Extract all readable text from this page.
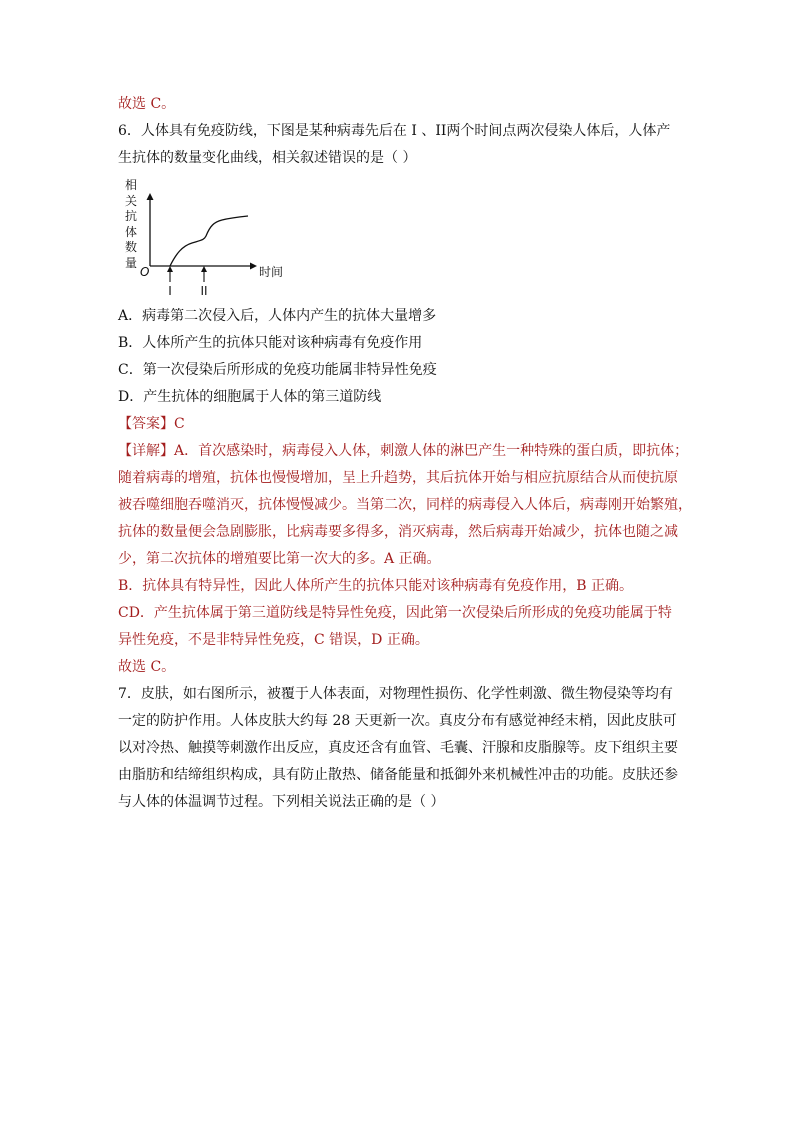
故选 C。
6．人体具有免疫防线，下图是某种病毒先后在 I 、II两个时间点两次侵染人体后，人体产
生抗体的数量变化曲线，相关叙述错误的是（ ）
相
关
抗
体
数
量
O	时间
I II
A．病毒第二次侵入后，人体内产生的抗体大量增多
B．人体所产生的抗体只能对该种病毒有免疫作用
C．第一次侵染后所形成的免疫功能属非特异性免疫
D．产生抗体的细胞属于人体的第三道防线
【答案】C
【详解】A．首次感染时，病毒侵入人体，刺激人体的淋巴产生一种特殊的蛋白质，即抗体；
随着病毒的增殖，抗体也慢慢增加，呈上升趋势，其后抗体开始与相应抗原结合从而使抗原
被吞噬细胞吞噬消灭，抗体慢慢减少。当第二次，同样的病毒侵入人体后，病毒刚开始繁殖，
抗体的数量便会急剧膨胀，比病毒要多得多，消灭病毒，然后病毒开始减少，抗体也随之减
少，第二次抗体的增殖要比第一次大的多。A 正确。
B．抗体具有特异性，因此人体所产生的抗体只能对该种病毒有免疫作用，B 正确。
CD．产生抗体属于第三道防线是特异性免疫，因此第一次侵染后所形成的免疫功能属于特
异性免疫，不是非特异性免疫，C 错误，D 正确。
故选 C。
7．皮肤，如右图所示，被覆于人体表面，对物理性损伤、化学性刺激、微生物侵染等均有
一定的防护作用。人体皮肤大约每 28 天更新一次。真皮分布有感觉神经末梢，因此皮肤可
以对冷热、触摸等刺激作出反应，真皮还含有血管、毛囊、汗腺和皮脂腺等。皮下组织主要
由脂肪和结缔组织构成，具有防止散热、储备能量和抵御外来机械性冲击的功能。皮肤还参
与人体的体温调节过程。下列相关说法正确的是（ ）
